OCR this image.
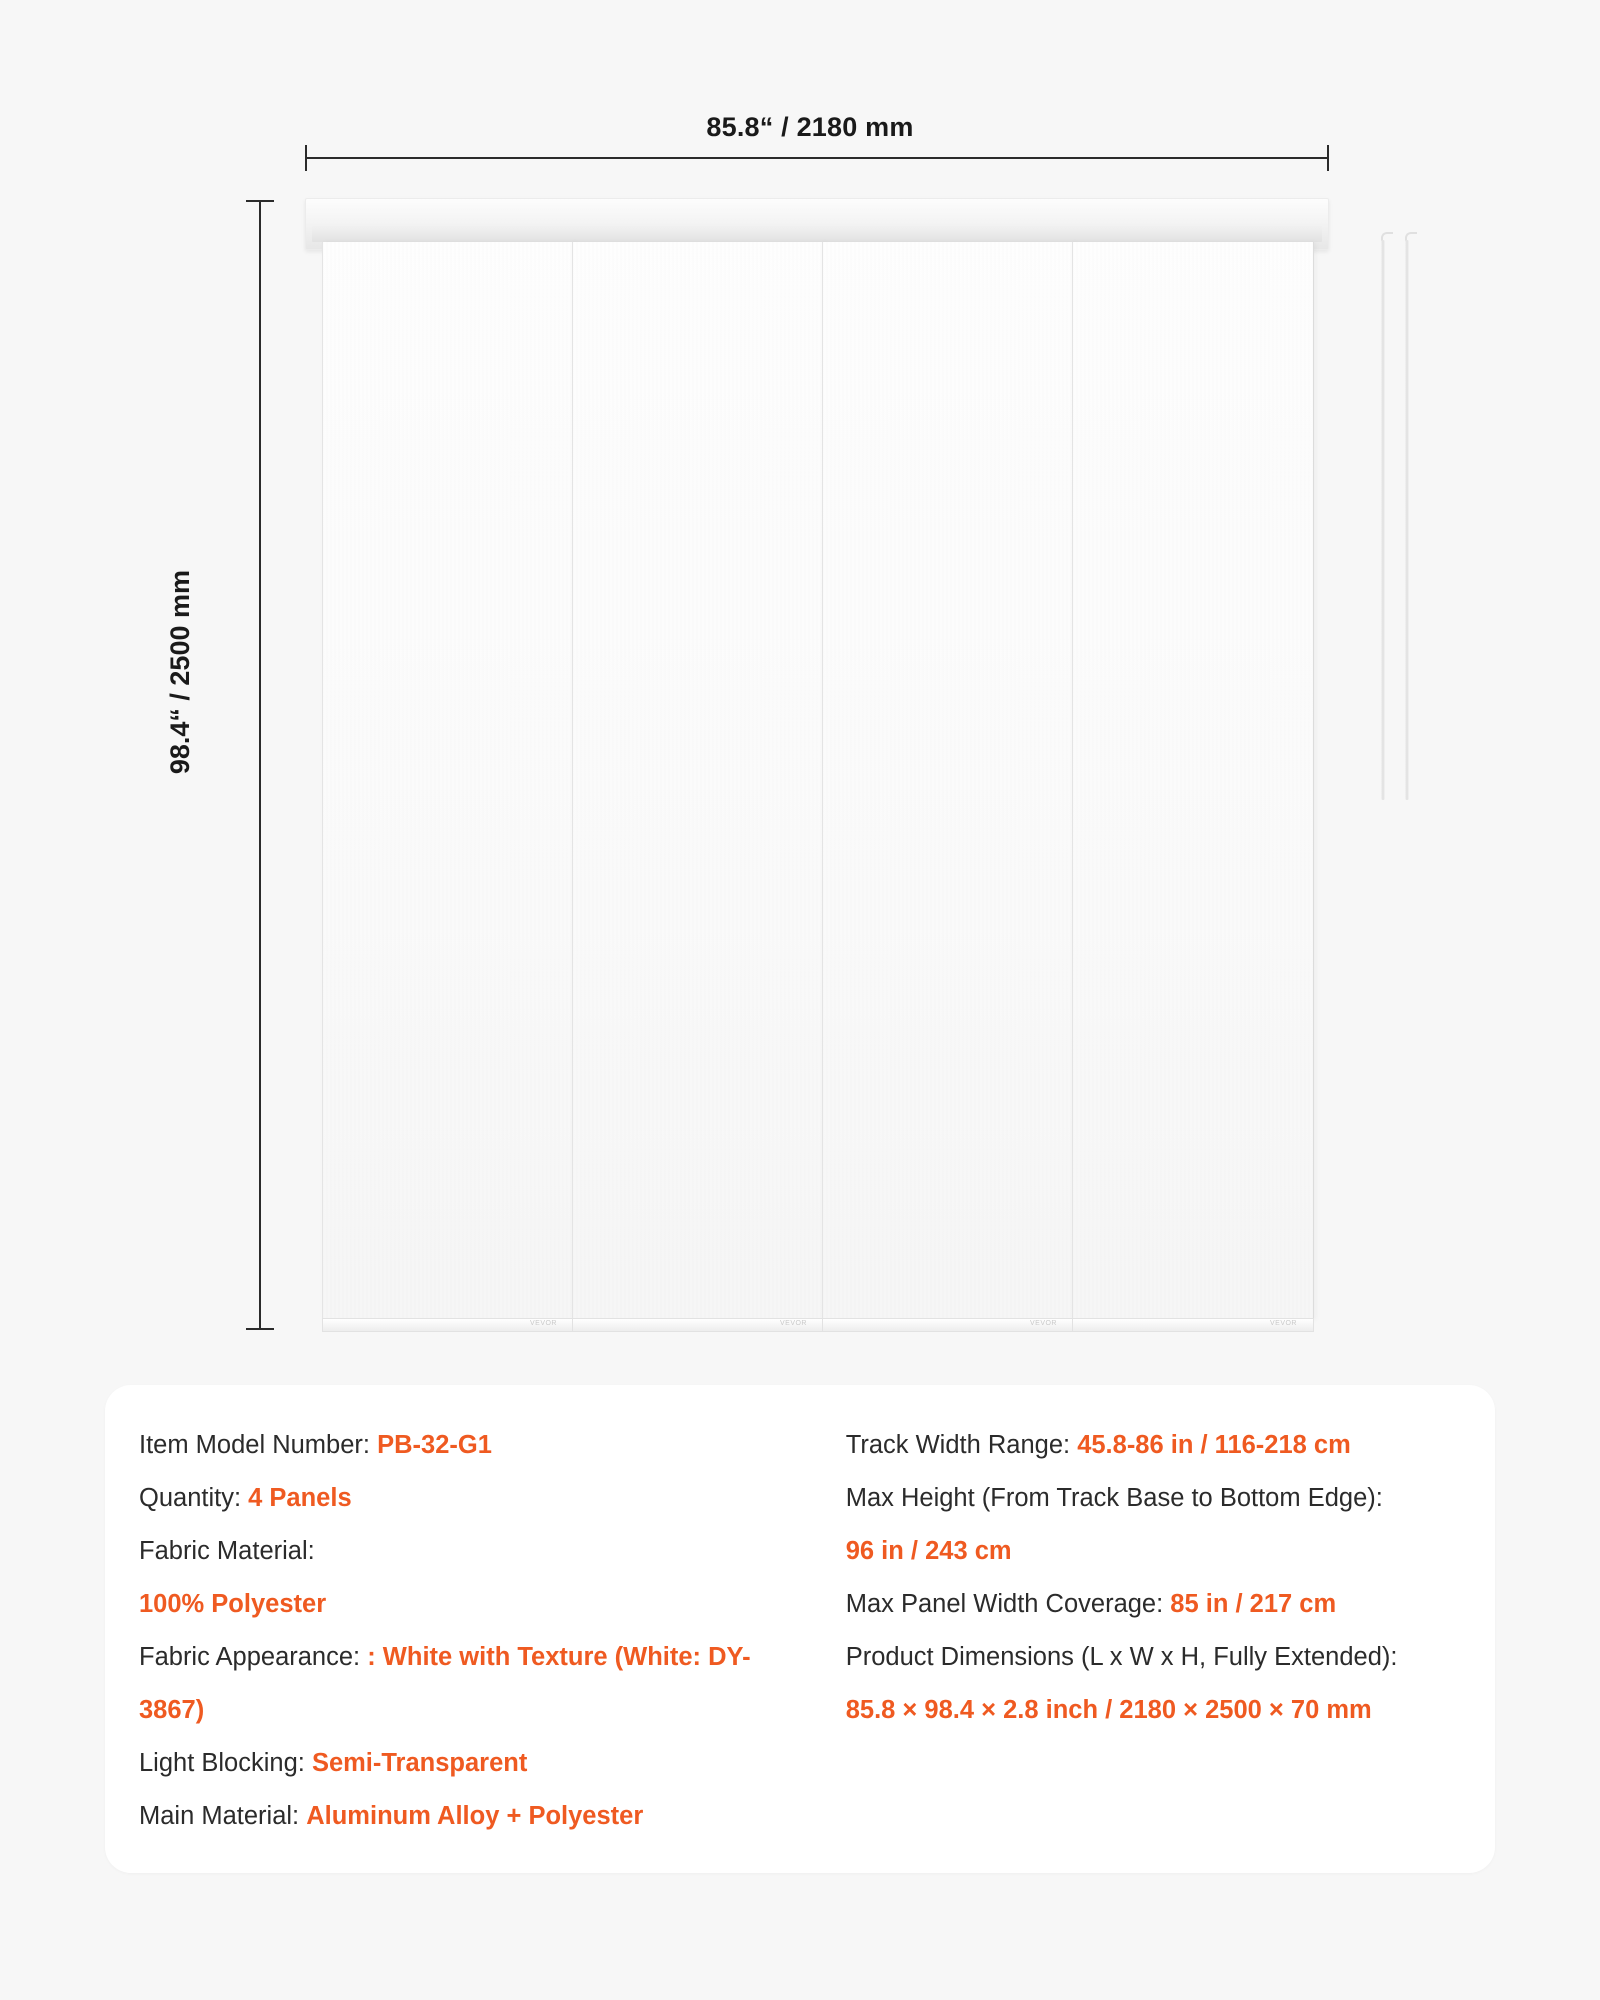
85.8“ / 2180 mm
98.4“ / 2500 mm
VEVOR	VEVOR	VEVOR	VEVOR
Item Model Number: PB-32-G1
Quantity: 4 Panels
Fabric Material:
100% Polyester
Fabric Appearance: : White with Texture (White: DY-3867)
Light Blocking: Semi-Transparent
Main Material: Aluminum Alloy + Polyester
Track Width Range: 45.8-86 in / 116-218 cm
Max Height (From Track Base to Bottom Edge):
96 in / 243 cm
Max Panel Width Coverage: 85 in / 217 cm
Product Dimensions (L x W x H, Fully Extended):
85.8 × 98.4 × 2.8 inch / 2180 × 2500 × 70 mm
